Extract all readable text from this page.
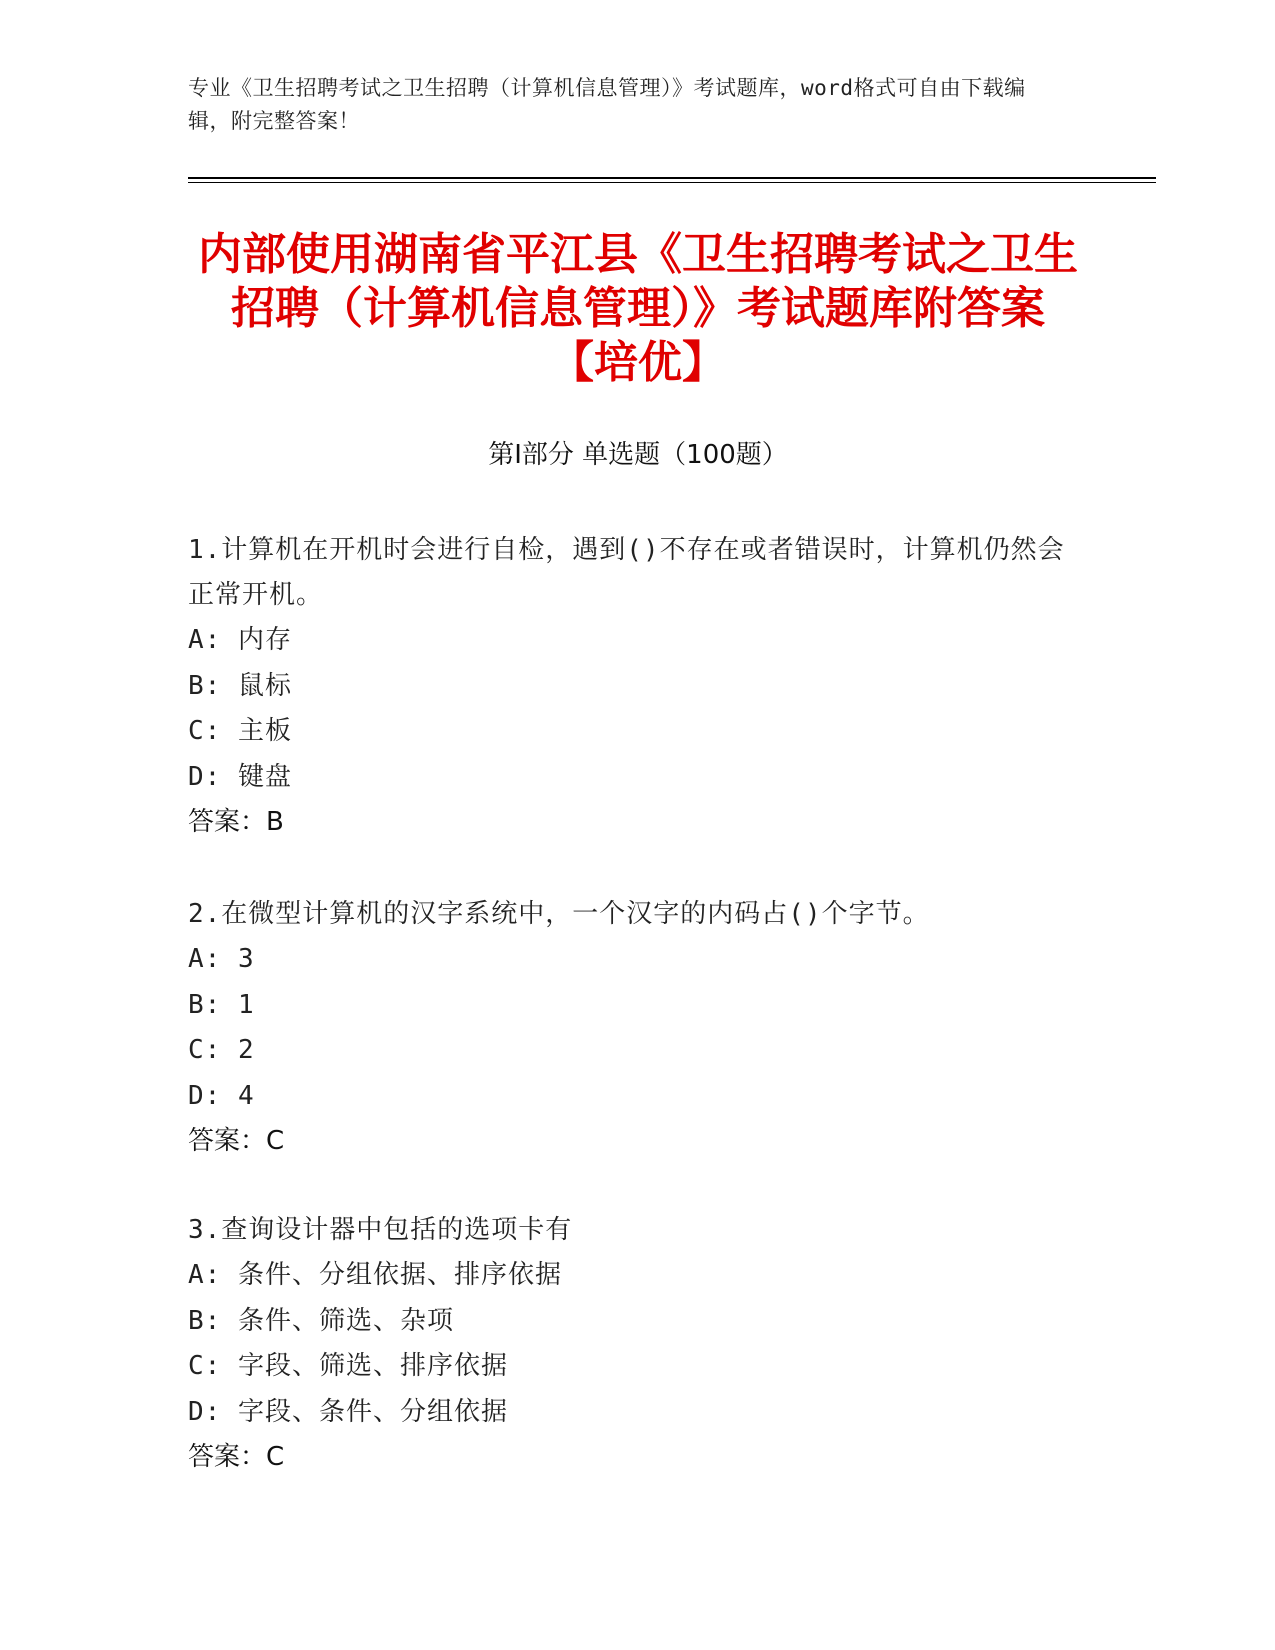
专业《卫生招聘考试之卫生招聘（计算机信息管理）》考试题库，word格式可自由下载编辑，附完整答案！
内部使用湖南省平江县《卫生招聘考试之卫生招聘（计算机信息管理）》考试题库附答案【培优】
第Ⅰ部分 单选题（100题）
1.计算机在开机时会进行自检，遇到()不存在或者错误时，计算机仍然会正常开机。
A: 内存
B: 鼠标
C: 主板
D: 键盘
答案：B
2.在微型计算机的汉字系统中，一个汉字的内码占()个字节。
A: 3
B: 1
C: 2
D: 4
答案：C
3.查询设计器中包括的选项卡有
A: 条件、分组依据、排序依据
B: 条件、筛选、杂项
C: 字段、筛选、排序依据
D: 字段、条件、分组依据
答案：C
